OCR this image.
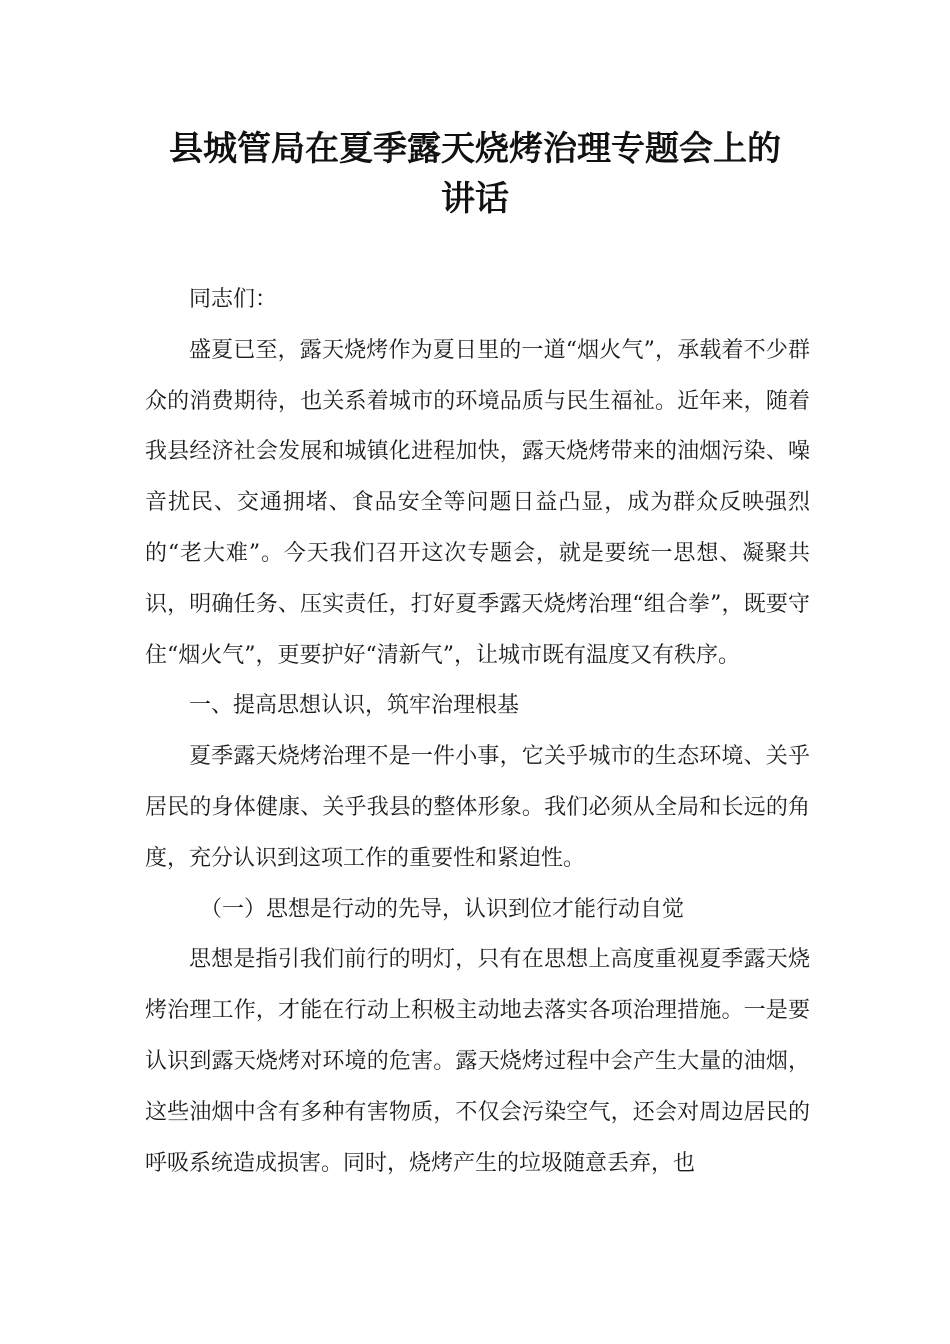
县城管局在夏季露天烧烤治理专题会上的
讲话

同志们：

盛夏已至，露天烧烤作为夏日里的一道“烟火气”，承载着不少群众的消费期待，也关系着城市的环境品质与民生福祉。近年来，随着我县经济社会发展和城镇化进程加快，露天烧烤带来的油烟污染、噪音扰民、交通拥堵、食品安全等问题日益凸显，成为群众反映强烈的“老大难”。今天我们召开这次专题会，就是要统一思想、凝聚共识，明确任务、压实责任，打好夏季露天烧烤治理“组合拳”，既要守住“烟火气”，更要护好“清新气”，让城市既有温度又有秩序。

一、提高思想认识，筑牢治理根基

夏季露天烧烤治理不是一件小事，它关乎城市的生态环境、关乎居民的身体健康、关乎我县的整体形象。我们必须从全局和长远的角度，充分认识到这项工作的重要性和紧迫性。

（一）思想是行动的先导，认识到位才能行动自觉

思想是指引我们前行的明灯，只有在思想上高度重视夏季露天烧烤治理工作，才能在行动上积极主动地去落实各项治理措施。一是要认识到露天烧烤对环境的危害。露天烧烤过程中会产生大量的油烟，这些油烟中含有多种有害物质，不仅会污染空气，还会对周边居民的呼吸系统造成损害。同时，烧烤产生的垃圾随意丢弃，也
